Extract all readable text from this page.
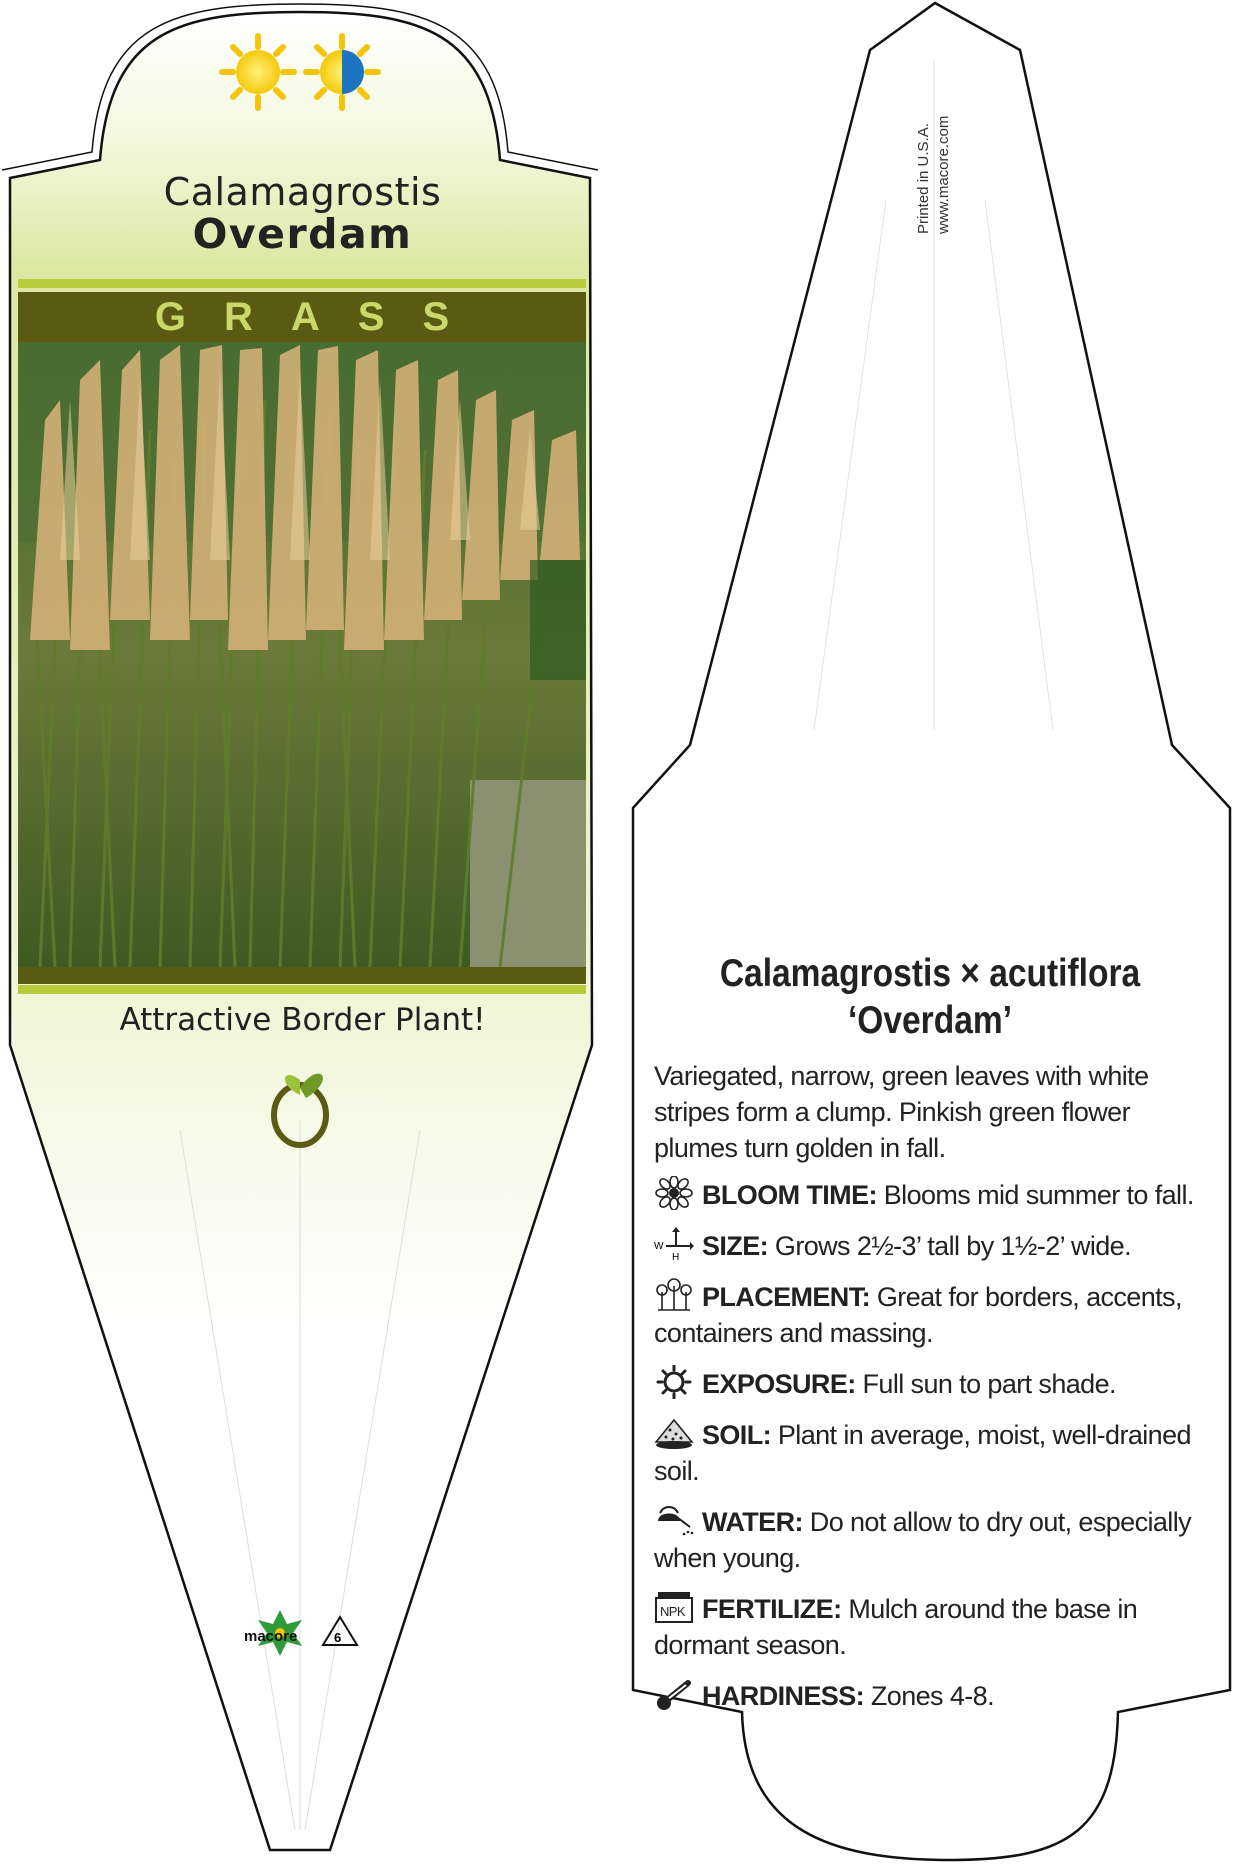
Calamagrostis
Overdam
GRASS
Attractive Border Plant!
macore	6
Printed in U.S.A. www.macore.com
Calamagrostis × acutiflora
‘Overdam’
Variegated, narrow, green leaves with white stripes form a clump. Pinkish green flower plumes turn golden in fall.
BLOOM TIME: Blooms mid summer to fall.
W
H SIZE: Grows 2½-3’ tall by 1½-2’ wide.
PLACEMENT: Great for borders, accents, containers and massing.
EXPOSURE: Full sun to part shade.
SOIL: Plant in average, moist, well-drained soil.
WATER: Do not allow to dry out, especially when young.
NPK FERTILIZE: Mulch around the base in dormant season.
HARDINESS: Zones 4-8.
